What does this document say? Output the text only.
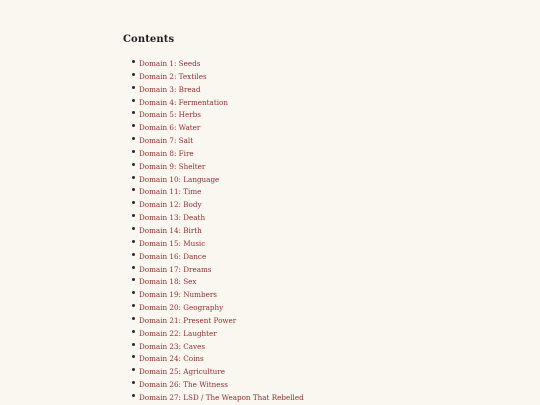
Contents
Domain 1: Seeds
Domain 2: Textiles
Domain 3: Bread
Domain 4: Fermentation
Domain 5: Herbs
Domain 6: Water
Domain 7: Salt
Domain 8: Fire
Domain 9: Shelter
Domain 10: Language
Domain 11: Time
Domain 12: Body
Domain 13: Death
Domain 14: Birth
Domain 15: Music
Domain 16: Dance
Domain 17: Dreams
Domain 18: Sex
Domain 19: Numbers
Domain 20: Geography
Domain 21: Present Power
Domain 22: Laughter
Domain 23: Caves
Domain 24: Coins
Domain 25: Agriculture
Domain 26: The Witness
Domain 27: LSD / The Weapon That Rebelled
